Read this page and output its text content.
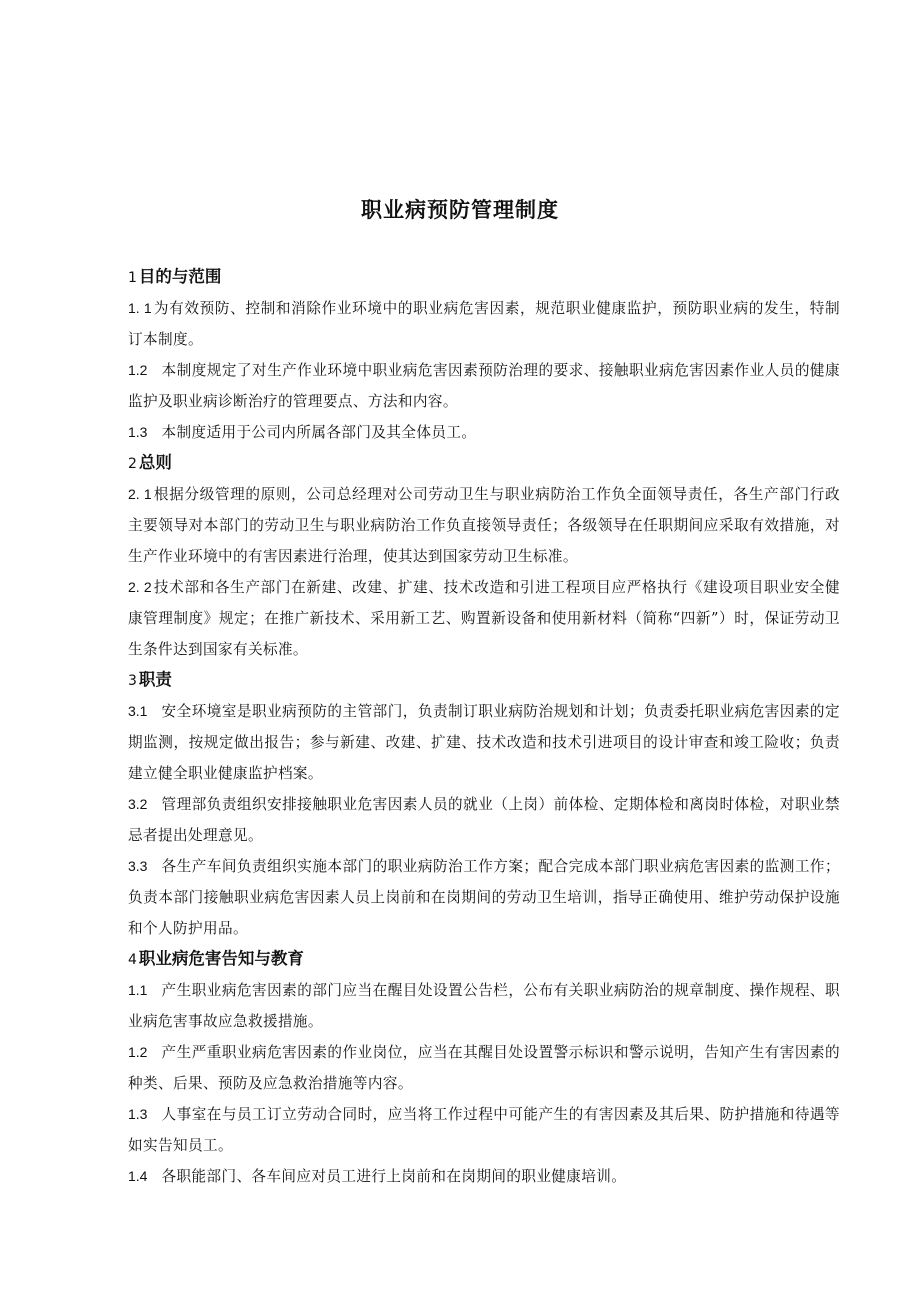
职业病预防管理制度
1 目的与范围

1. 1 为有效预防、控制和消除作业环境中的职业病危害因素，规范职业健康监护，预防职业病的发生，特制订本制度。

1.2 本制度规定了对生产作业环境中职业病危害因素预防治理的要求、接触职业病危害因素作业人员的健康监护及职业病诊断治疗的管理要点、方法和内容。

1.3 本制度适用于公司内所属各部门及其全体员工。

2 总则

2. 1 根据分级管理的原则，公司总经理对公司劳动卫生与职业病防治工作负全面领导责任，各生产部门行政主要领导对本部门的劳动卫生与职业病防治工作负直接领导责任；各级领导在任职期间应采取有效措施，对生产作业环境中的有害因素进行治理，使其达到国家劳动卫生标准。

2. 2 技术部和各生产部门在新建、改建、扩建、技术改造和引进工程项目应严格执行《建设项目职业安全健康管理制度》规定；在推广新技术、采用新工艺、购置新设备和使用新材料（简称“四新”）时，保证劳动卫生条件达到国家有关标准。

3 职责

3.1 安全环境室是职业病预防的主管部门，负责制订职业病防治规划和计划；负责委托职业病危害因素的定期监测，按规定做出报告；参与新建、改建、扩建、技术改造和技术引进项目的设计审查和竣工险收；负责建立健全职业健康监护档案。

3.2 管理部负责组织安排接触职业危害因素人员的就业（上岗）前体检、定期体检和离岗时体检，对职业禁忌者提出处理意见。

3.3 各生产车间负责组织实施本部门的职业病防治工作方案；配合完成本部门职业病危害因素的监测工作；负责本部门接触职业病危害因素人员上岗前和在岗期间的劳动卫生培训，指导正确使用、维护劳动保护设施和个人防护用品。

4 职业病危害告知与教育

1.1 产生职业病危害因素的部门应当在醒目处设置公告栏，公布有关职业病防治的规章制度、操作规程、职业病危害事故应急救援措施。

1.2 产生严重职业病危害因素的作业岗位，应当在其醒目处设置警示标识和警示说明，告知产生有害因素的种类、后果、预防及应急救治措施等内容。

1.3 人事室在与员工订立劳动合同时，应当将工作过程中可能产生的有害因素及其后果、防护措施和待遇等如实告知员工。

1.4 各职能部门、各车间应对员工进行上岗前和在岗期间的职业健康培训。
